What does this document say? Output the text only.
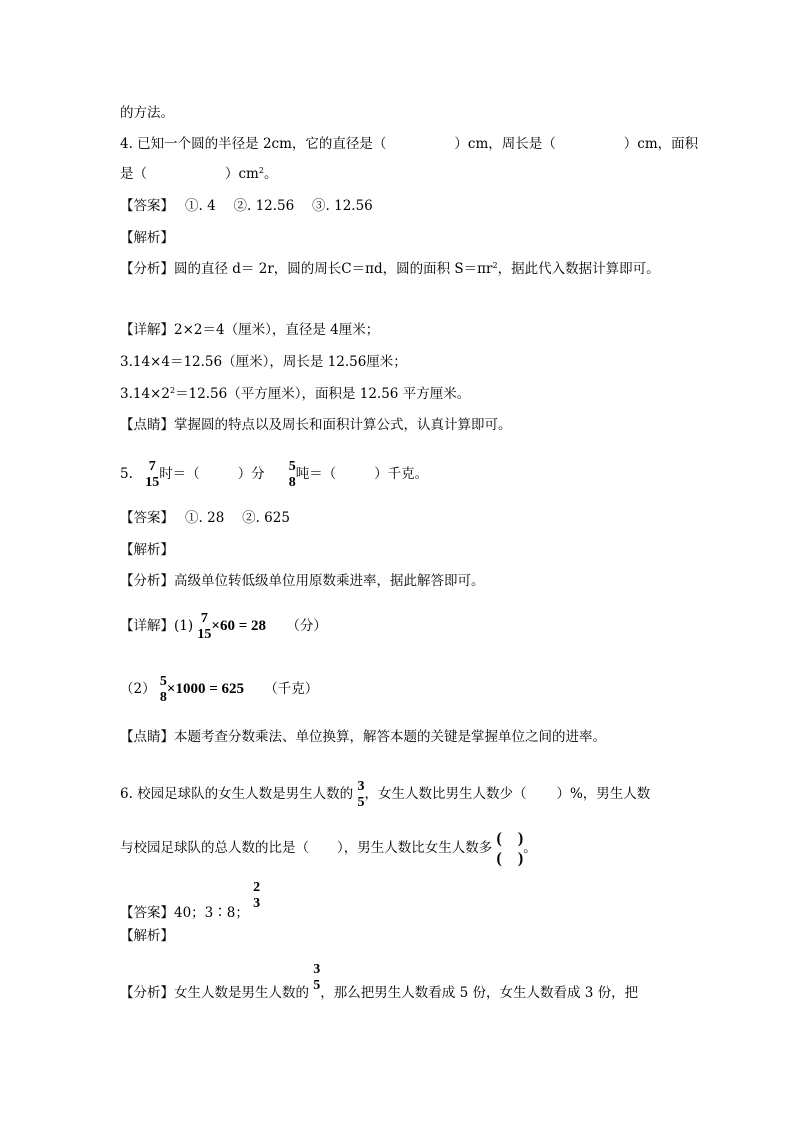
的方法。
4. 已知一个圆的半径是 2cm，它的直径是（	）cm，周长是（	）cm，面积
是（	）$cm^2$。
【答案】　 ①. 4　 ②. 12.56　 ③. 12.56
【解析】
【分析】圆的直径 d＝ 2r，圆的周长C＝πd，圆的面积 $S=\pi r^2$，据此代入数据计算即可。
【详解】2×2＝4（厘米），直径是 4厘米；
3.14×4＝12.56（厘米），周长是 12.56厘米；
$3.14\times 2^2=12.56$（平方厘米），面积是 12.56 平方厘米。
【点睛】掌握圆的特点以及周长和面积计算公式，认真计算即可。
5. 7
15 时＝（	）分 5
8 吨＝（	）千克。
【答案】　 ①. 28　 ②. 625
【解析】
【分析】高级单位转低级单位用原数乘进率，据此解答即可。
【详解】(1) 7
15 ×60 = 28 （分）
（2） 5
8 ×1000 = 625 （千克）
【点睛】本题考查分数乘法、单位换算，解答本题的关键是掌握单位之间的进率。
6. 校园足球队的女生人数是男生人数的 3
5 ，女生人数比男生人数少（ ）%，男生人数
与校园足球队的总人数的比是（ ），男生人数比女生人数多
(　)
(　)
。
【答案】40；3∶8；
2
3
【解析】
【分析】女生人数是男生人数的
3
5 ，那么把男生人数看成 5 份，女生人数看成 3 份，把
